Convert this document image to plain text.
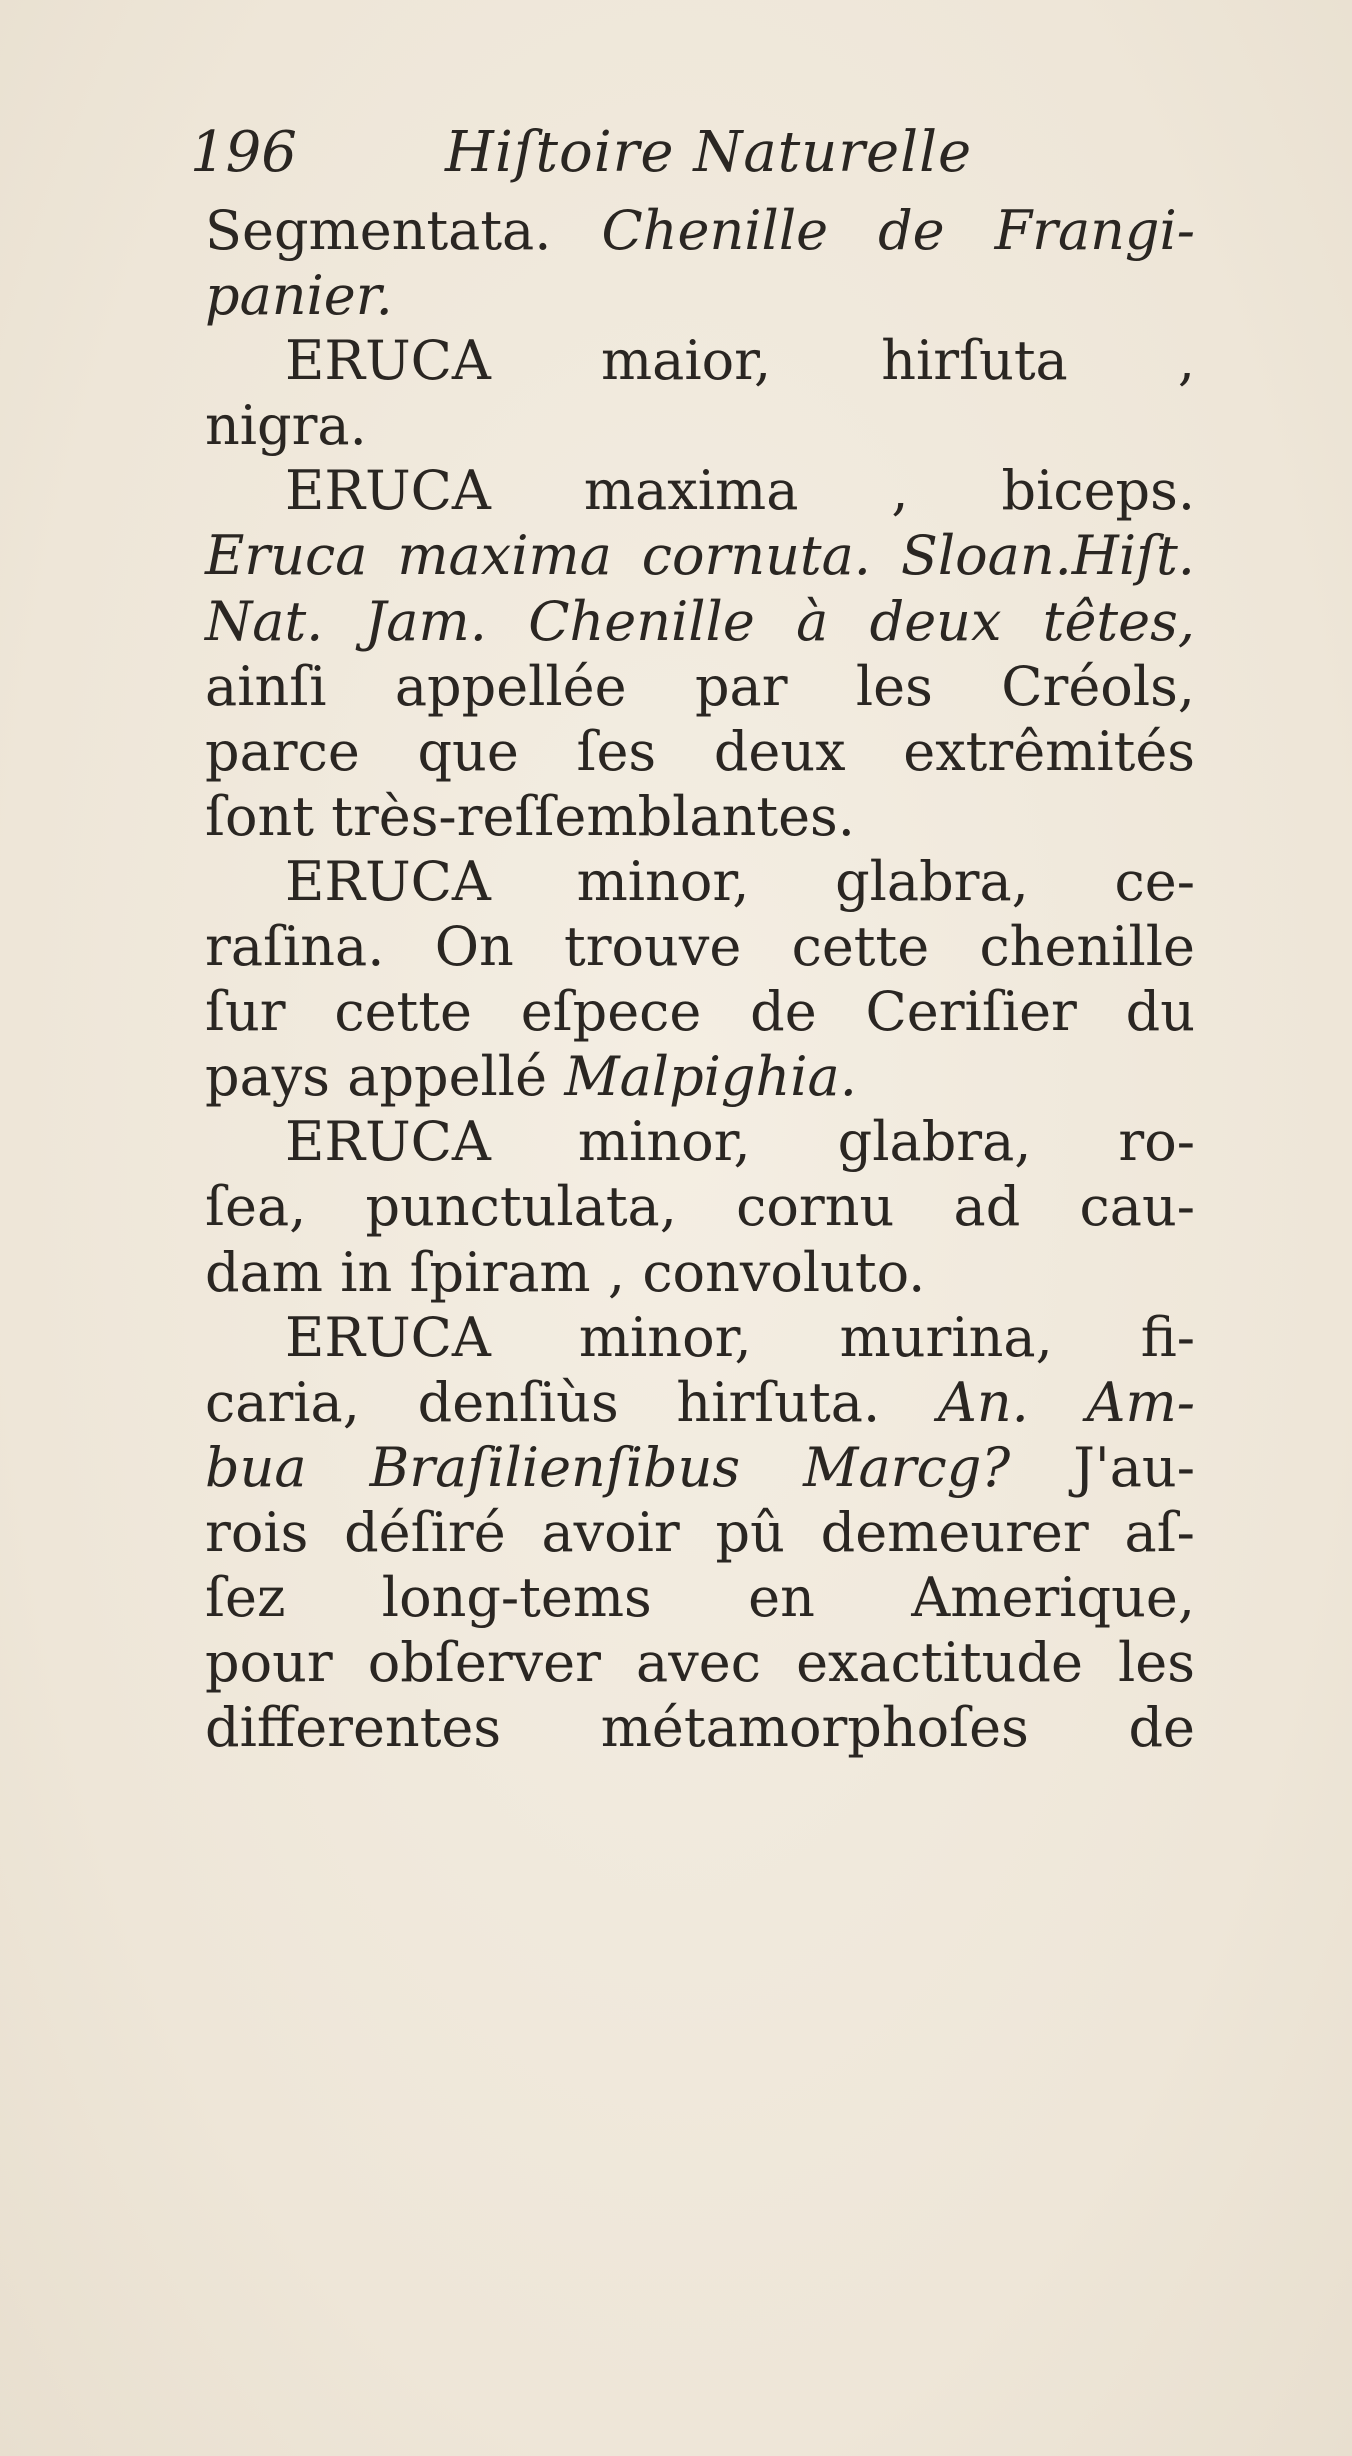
196	Hiſtoire Naturelle
Segmentata. Chenille de Frangi-
panier.
ERUCA maior, hirſuta ,
nigra.
ERUCA maxima , biceps.
Eruca maxima cornuta. Sloan.Hiſt.
Nat. Jam. Chenille à deux têtes,
ainſi appellée par les Créols,
parce que ſes deux extrêmités
ſont très-reſſemblantes.
ERUCA minor, glabra, ce-
raſina. On trouve cette chenille
ſur cette eſpece de Ceriſier du
pays appellé Malpighia.
ERUCA minor, glabra, ro-
ſea, punctulata, cornu ad cau-
dam in ſpiram , convoluto.
ERUCA minor, murina, fi-
caria, denſiùs hirſuta. An. Am-
bua Braſilienſibus Marcg? J'au-
rois déſiré avoir pû demeurer aſ-
ſez long-tems en Amerique,
pour obſerver avec exactitude les
differentes métamorphoſes de
